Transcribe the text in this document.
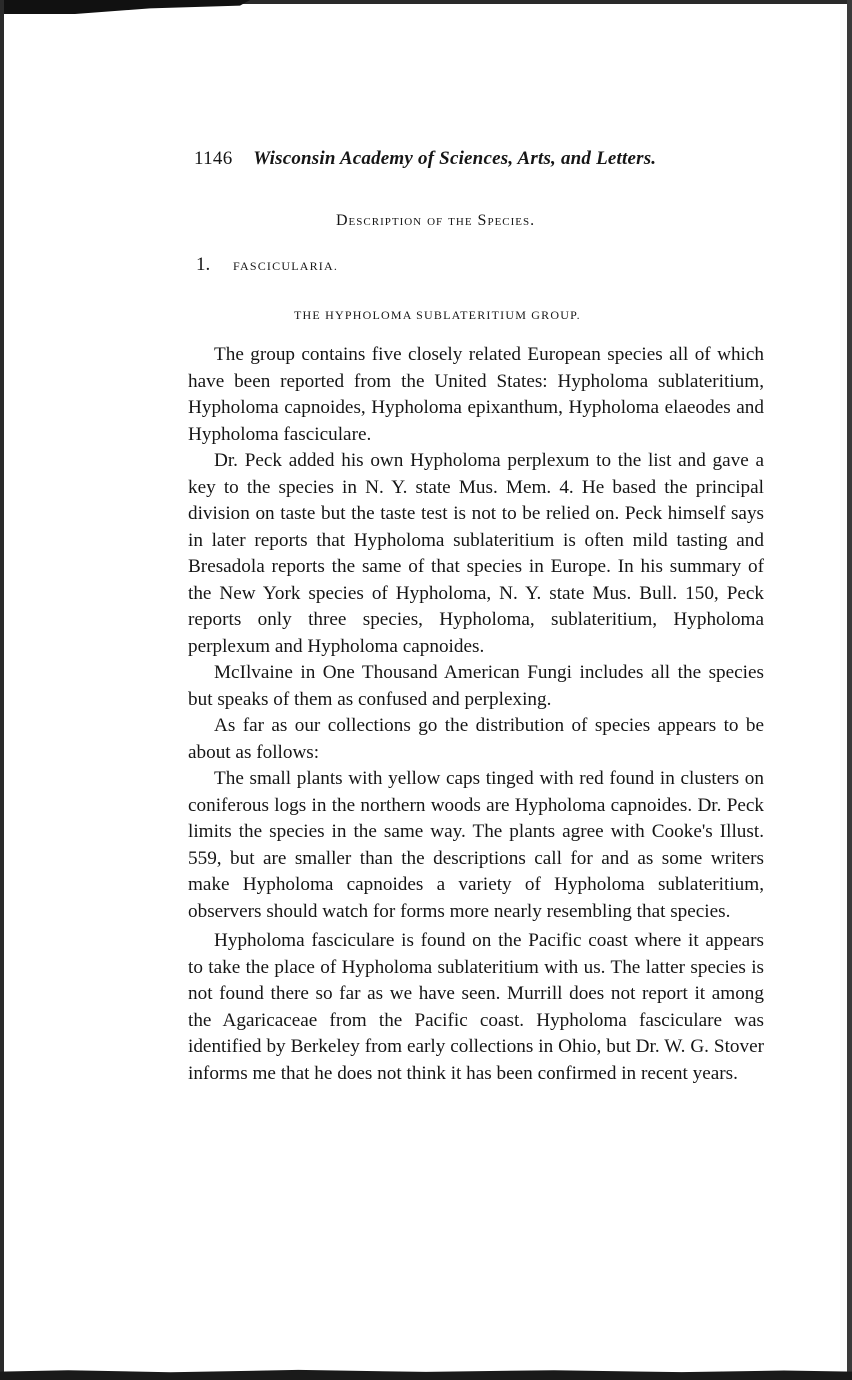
1146 Wisconsin Academy of Sciences, Arts, and Letters.
Description of the Species.
1. FASCICULARIA.
THE HYPHOLOMA SUBLATERITIUM GROUP.

The group contains five closely related European species all of which have been reported from the United States: Hypholoma sublateritium, Hypholoma capnoides, Hypholoma epixanthum, Hypholoma elaeodes and Hypholoma fasciculare.

Dr. Peck added his own Hypholoma perplexum to the list and gave a key to the species in N. Y. state Mus. Mem. 4. He based the principal division on taste but the taste test is not to be relied on. Peck himself says in later reports that Hypholoma sublateritium is often mild tasting and Bresadola reports the same of that species in Europe. In his summary of the New York species of Hypholoma, N. Y. state Mus. Bull. 150, Peck reports only three species, Hypholoma, sublateritium, Hypholoma perplexum and Hypholoma capnoides.

McIlvaine in One Thousand American Fungi includes all the species but speaks of them as confused and perplexing.

As far as our collections go the distribution of species appears to be about as follows:

The small plants with yellow caps tinged with red found in clusters on coniferous logs in the northern woods are Hypholoma capnoides. Dr. Peck limits the species in the same way. The plants agree with Cooke's Illust. 559, but are smaller than the descriptions call for and as some writers make Hypholoma capnoides a variety of Hypholoma sublateritium, observers should watch for forms more nearly resembling that species.

Hypholoma fasciculare is found on the Pacific coast where it appears to take the place of Hypholoma sublateritium with us. The latter species is not found there so far as we have seen. Murrill does not report it among the Agaricaceae from the Pacific coast. Hypholoma fasciculare was identified by Berkeley from early collections in Ohio, but Dr. W. G. Stover informs me that he does not think it has been confirmed in recent years.
